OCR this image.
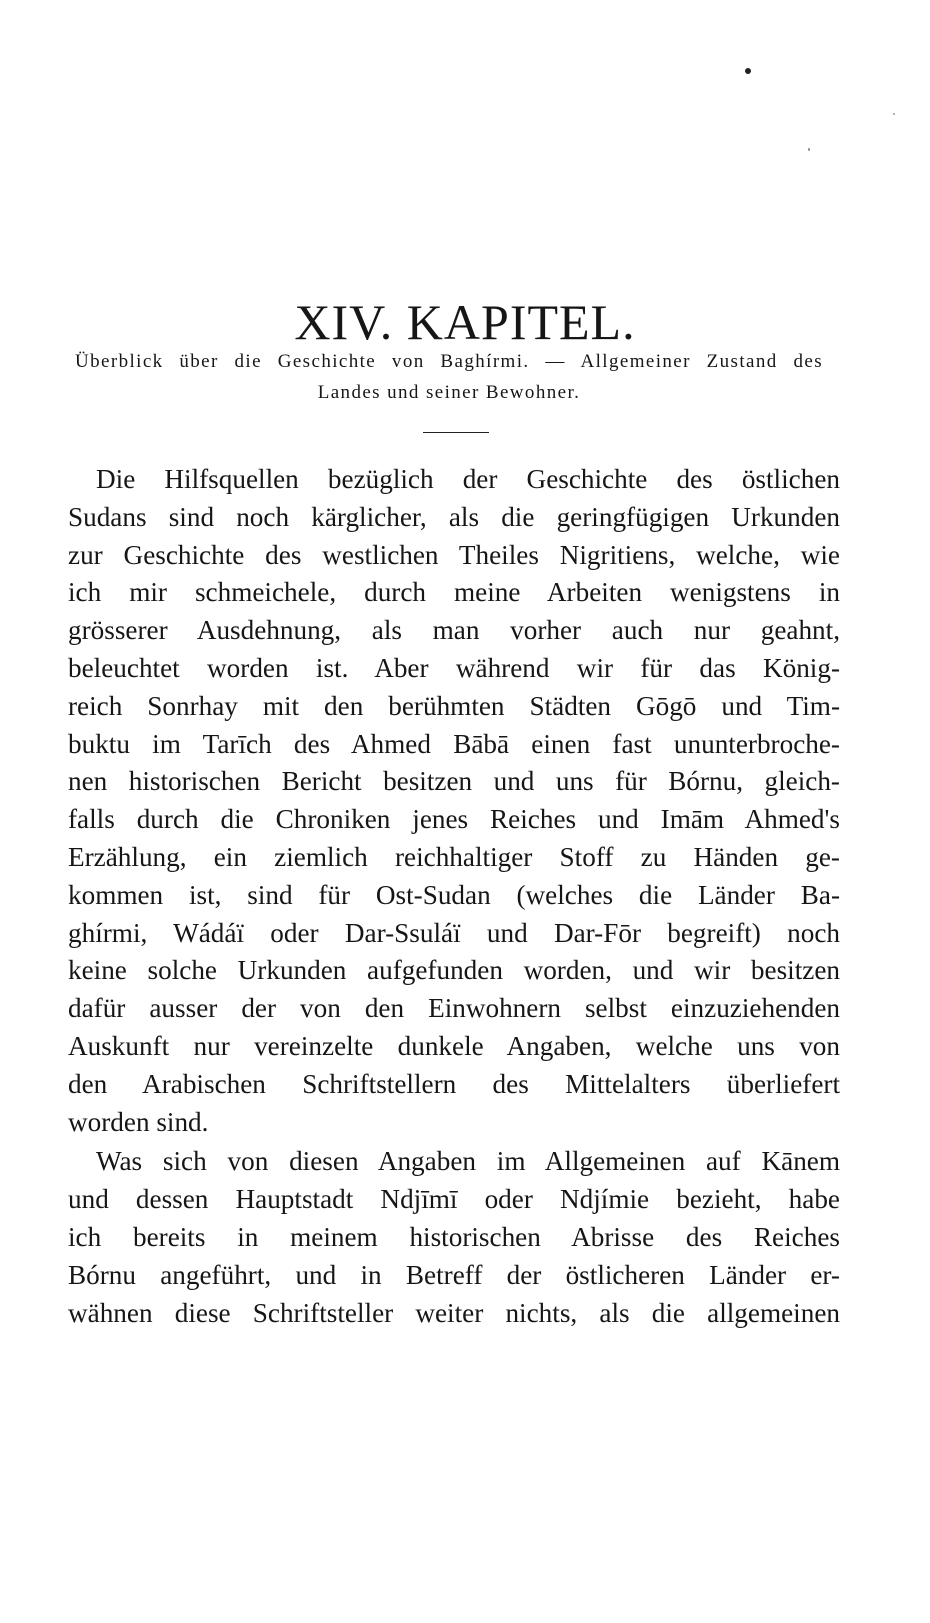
XIV. KAPITEL.
Überblick über die Geschichte von Baghírmi. — Allgemeiner Zustand des
Landes und seiner Bewohner.
Die Hilfsquellen bezüglich der Geschichte des östlichen
Sudans sind noch kärglicher, als die geringfügigen Urkunden
zur Geschichte des westlichen Theiles Nigritiens, welche, wie
ich mir schmeichele, durch meine Arbeiten wenigstens in
grösserer Ausdehnung, als man vorher auch nur geahnt,
beleuchtet worden ist. Aber während wir für das König-
reich Sonrhay mit den berühmten Städten Gōgō und Tim-
buktu im Tarīch des Ahmed Bābā einen fast ununterbroche-
nen historischen Bericht besitzen und uns für Bórnu, gleich-
falls durch die Chroniken jenes Reiches und Imām Ahmed's
Erzählung, ein ziemlich reichhaltiger Stoff zu Händen ge-
kommen ist, sind für Ost-Sudan (welches die Länder Ba-
ghírmi, Wádáï oder Dar-Ssuláï und Dar-Fōr begreift) noch
keine solche Urkunden aufgefunden worden, und wir besitzen
dafür ausser der von den Einwohnern selbst einzuziehenden
Auskunft nur vereinzelte dunkele Angaben, welche uns von
den Arabischen Schriftstellern des Mittelalters überliefert
worden sind.
Was sich von diesen Angaben im Allgemeinen auf Kānem
und dessen Hauptstadt Ndjīmī oder Ndjímie bezieht, habe
ich bereits in meinem historischen Abrisse des Reiches
Bórnu angeführt, und in Betreff der östlicheren Länder er-
wähnen diese Schriftsteller weiter nichts, als die allgemeinen
